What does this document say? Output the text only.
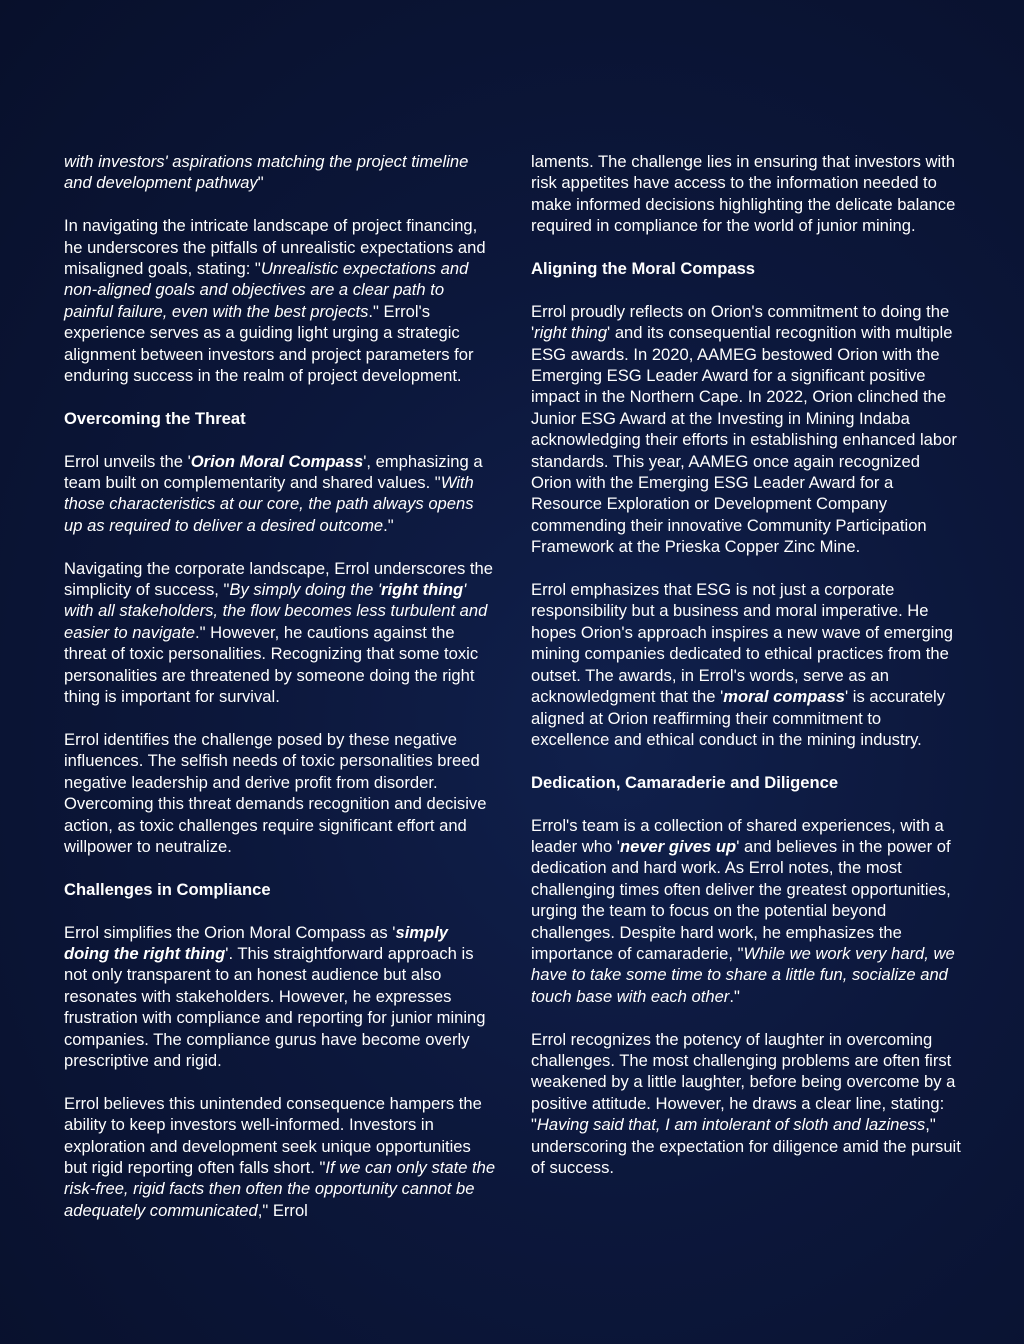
with investors' aspirations matching the project timeline and development pathway"

In navigating the intricate landscape of project financing, he underscores the pitfalls of unrealistic expectations and misaligned goals, stating: "Unrealistic expectations and non-aligned goals and objectives are a clear path to painful failure, even with the best projects." Errol's experience serves as a guiding light urging a strategic alignment between investors and project parameters for enduring success in the realm of project development.

Overcoming the Threat

Errol unveils the 'Orion Moral Compass', emphasizing a team built on complementarity and shared values. "With those characteristics at our core, the path always opens up as required to deliver a desired outcome."

Navigating the corporate landscape, Errol underscores the simplicity of success, "By simply doing the 'right thing' with all stakeholders, the flow becomes less turbulent and easier to navigate." However, he cautions against the threat of toxic personalities. Recognizing that some toxic personalities are threatened by someone doing the right thing is important for survival.

Errol identifies the challenge posed by these negative influences. The selfish needs of toxic personalities breed negative leadership and derive profit from disorder. Overcoming this threat demands recognition and decisive action, as toxic challenges require significant effort and willpower to neutralize.

Challenges in Compliance

Errol simplifies the Orion Moral Compass as 'simply doing the right thing'. This straightforward approach is not only transparent to an honest audience but also resonates with stakeholders. However, he expresses frustration with compliance and reporting for junior mining companies. The compliance gurus have become overly prescriptive and rigid.

Errol believes this unintended consequence hampers the ability to keep investors well-informed. Investors in exploration and development seek unique opportunities but rigid reporting often falls short. "If we can only state the risk-free, rigid facts then often the opportunity cannot be adequately communicated," Errol

laments. The challenge lies in ensuring that investors with risk appetites have access to the information needed to make informed decisions highlighting the delicate balance required in compliance for the world of junior mining.

Aligning the Moral Compass

Errol proudly reflects on Orion's commitment to doing the 'right thing' and its consequential recognition with multiple ESG awards. In 2020, AAMEG bestowed Orion with the Emerging ESG Leader Award for a significant positive impact in the Northern Cape. In 2022, Orion clinched the Junior ESG Award at the Investing in Mining Indaba acknowledging their efforts in establishing enhanced labor standards. This year, AAMEG once again recognized Orion with the Emerging ESG Leader Award for a Resource Exploration or Development Company commending their innovative Community Participation Framework at the Prieska Copper Zinc Mine.

Errol emphasizes that ESG is not just a corporate responsibility but a business and moral imperative. He hopes Orion's approach inspires a new wave of emerging mining companies dedicated to ethical practices from the outset. The awards, in Errol's words, serve as an acknowledgment that the 'moral compass' is accurately aligned at Orion reaffirming their commitment to excellence and ethical conduct in the mining industry.

Dedication, Camaraderie and Diligence

Errol's team is a collection of shared experiences, with a leader who 'never gives up' and believes in the power of dedication and hard work. As Errol notes, the most challenging times often deliver the greatest opportunities, urging the team to focus on the potential beyond challenges. Despite hard work, he emphasizes the importance of camaraderie, "While we work very hard, we have to take some time to share a little fun, socialize and touch base with each other."

Errol recognizes the potency of laughter in overcoming challenges. The most challenging problems are often first weakened by a little laughter, before being overcome by a positive attitude. However, he draws a clear line, stating: "Having said that, I am intolerant of sloth and laziness," underscoring the expectation for diligence amid the pursuit of success.
